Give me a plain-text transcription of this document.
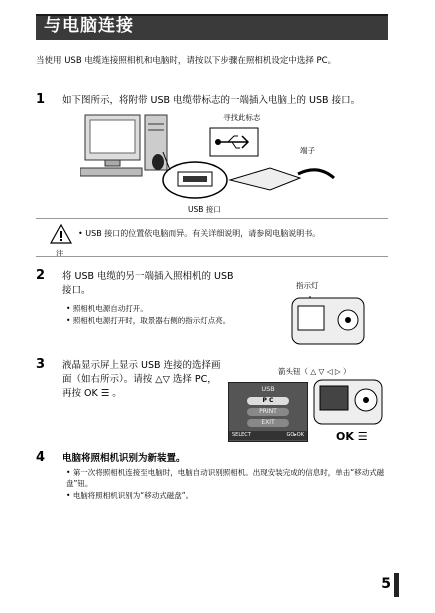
与电脑连接
当使用 USB 电缆连接照相机和电脑时，请按以下步骤在照相机设定中选择 PC。
1 如下图所示，将附带 USB 电缆带标志的一端插入电脑上的 USB 接口。
寻找此标志
端子
USB 接口
注
• USB 接口的位置依电脑而异。有关详细说明，请参阅电脑说明书。
2 将 USB 电缆的另一端插入照相机的 USB 接口。
• 照相机电源自动打开。
• 照相机电源打开时，取景器右侧的指示灯点亮。
指示灯
3 液晶显示屏上显示 USB 连接的选择画面（如右所示）。请按 △▽ 选择 PC，再按 OK ☰ 。
箭头钮（ △ ▽ ◁ ▷ ）
USB
P C
PRINT
EXIT
SELECT	GO▸OK	OK ☰
4 电脑将照相机识别为新装置。
• 第一次将照相机连接至电脑时，电脑自动识别照相机。出现安装完成的信息时，单击“移动式磁盘”钮。
• 电脑将照相机识别为“移动式磁盘”。
5
